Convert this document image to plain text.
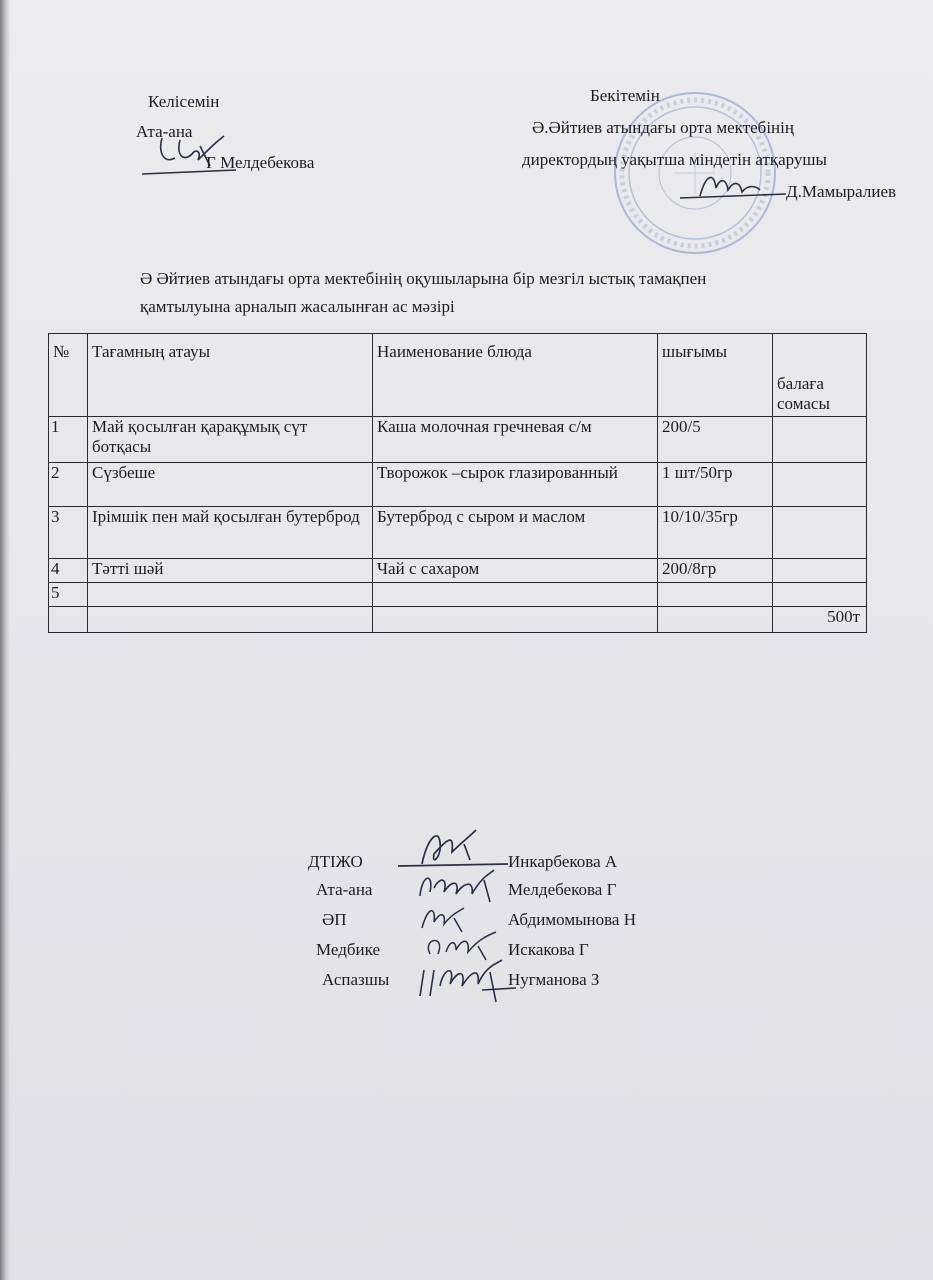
Келісемін
Ата-ана
Г Мелдебекова
Бекітемін
Ә.Әйтиев атындағы орта мектебінің
директордың уақытша міндетін атқарушы
Д.Мамыралиев
Ә Әйтиев атындағы орта мектебінің оқушыларына бір мезгіл ыстық тамақпен
қамтылуына арналып жасалынған ас мәзірі
№	Тағамның атауы	Наименование блюда	шығымы	балаға
сомасы

1	Май қосылған қарақұмық сүт ботқасы	Каша молочная гречневая с/м	200/5	
2	Сүзбеше	Творожок –сырок глазированный	1 шт/50гр	
3	Ірімшік пен май қосылған бутерброд	Бутерброд с сыром и маслом	10/10/35гр	
4	Тәтті шәй	Чай с сахаром	200/8гр	
5				
				500т
ДТІЖО	Инкарбекова А
Ата-ана	Мелдебекова Г
ӘП	Абдимомынова Н
Медбике	Искакова Г
Аспазшы	Нугманова З
